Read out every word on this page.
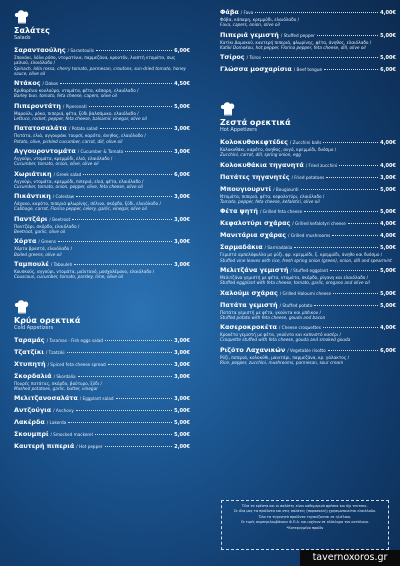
Σαλάτες
Salads
Σαρανταούλης / Sarantoulis	6,00€
Σπανάκι, λόλα ρόσο, ντοματίνια, παρμεζάνα, κρουτόν, λιαστή ντομάτα, σως μελιού, ελαιόλαδο /
Spinach, lolla rossa, cherry tomato, parmesan, croutons, sun-dried tomato, honey sauce, olive oil
Ντάκος / Dakos	4,50€
Κριθαρένιο κουλούρα, ντομάτα, φέτα, κάπαρη, ελαιόλαδο /
Barley bun, tomato, feta cheese, capers, olive oil
Πιπεροντάτη / Piperonati	5,00€
Μαρούλι, ρόκα, πιπεριά, φέτα, ξύδι βαλσάμικο, ελαιόλαδο /
Lettuce, rocket, pepper, feta cheese, balsamic vinegar, olive oil
Πατατοσαλάτα / Potato salad	3,00€
Πατάτα, ελιά, αγγουράκι τουρσί, καρότο, άνηθος, ελαιόλαδο /
Potato, olive, pickled cucumber, carrot, dill, olive oil
Αγγουροντομάτα / Cucumber & Tomato	3,00€
Αγγούρι, ντομάτα, κρεμμύδι, ελιά, ελαιόλαδο /
Cucumber, tomato, onion, olive, olive oil
Χωριάτικη / Greek salad	6,00€
Αγγούρι, ντομάτα, κρεμμύδι, πιπεριά, ελιά, φέτα, ελαιόλαδο /
Cucumber, tomato, onion, pepper, olive, feta cheese, olive oil
Πικάντικη / Coleslaw	3,00€
Λάχανο, καρότο, πιπεριά φλωρίνης, σέλινο, σκόρδο, ξύδι, ελαιόλαδο /
Cabbage, carrot, Florina pepper, celery, garlic, vinegar, olive oil
Παντζάρι / Beetroot	3,00€
Παντζάρι, σκόρδο, ελαιόλαδο /
Beetroot, garlic, olive oil
Χόρτα / Greens	3,00€
Χόρτα βραστά, ελαιόλαδο /
Boiled greens, olive oil
Ταμπουλέ / Tabouleh	3,00€
Κουσκούς, αγγούρι, ντομάτα, μαϊντανό, μοσχολέμονο, ελαιόλαδο /
Couscous, cucumber, tomato, parsley, lime, olive oil
Κρύα ορεκτικά
Cold Appetizers
Ταραμάς / Taramas - Fish eggs salad	3,00€
Τζατζίκι / Tzatziki	3,00€
Χτυπητή / Spiced feta cheese spread	3,00€
Σκορδαλιά / Skordalia	3,00€
Πουρές πατάτας, σκόρδο, βούτυρο, ξύδι /
Mashed potatoes, garlic, butter, vinegar
Μελιτζανοσαλάτα / Eggplant salad	3,00€
Αντζούγια / Anchovy	5,00€
Λακέρδα / Lakerda	5,00€
Σκουμπρί / Smocked mackerel	5,00€
Καυτερή πιπεριά / Hot pepper	2,00€
Φάβα / Fava	4,00€
Φάβα, κάπαρη, κρεμμύδι, ελαιόλαδο /
Fava, capers, onion, olive oil
Πιπεριά γεμιστή / Stuffed pepper	5,00€
Κατίκι Δομοκού, καυτερή πιπεριά, φλωρίνης, φέτα, άνηθος, ελαιόλαδο /
Katiki Domokou, hot pepper, Florina pepper, feta cheese, dill, olive oil
Τσίρος / Tsiros	5,00€
Γλώσσα μοσχαρίσια / Beef tongue	6,00€
Ζεστά ορεκτικά
Hot Appetizers
Κολοκυθοκεφτέδες / Zucchini balls	4,00€
Κολοκυθάκι, καρότο, άνηθος, αυγό, κρεμμύδι, δυόσμο /
Zucchini, carrot, dill, spring onion, egg
Κολοκυθάκια τηγανητά / Fried zucchini	4,00€
Πατάτες τηγανητές / Fried potatoes	3,00€
Μπουγιουρντί / Bougiourdi	5,00€
Ντομάτα, πιπεριά, φέτα, κεφαλοτύρι, ελαιόλαδο /
Tomato, pepper, feta cheese, kefalotiri, olive oil
Φέτα ψητή / Grilled feta cheese	5,00€
Κεφαλοτύρι σχάρας / Grilled kefalotyri cheese	4,00€
Μανιτάρια σχάρας / Grilled mushrooms	4,00€
Σαρμαδάκια / Sarmadakia	5,00€
Γεμιστά αμπελόφυλλα με ρύζι, φρ. κρεμμύδι, ξ. κρεμμύδι, άνηθο και δυόσμο /
Stuffed vine leaves with rice, fresh spring onion (green), onion, dill and spearmint
Μελιτζάνα γεμιστή / Stuffed eggplant	5,00€
Μελιτζάνα γεμιστή με φέτα, ντομάτα, σκόρδο, ρίγανη και ελαιόλαδο /
Stuffed eggplant with feta cheese, tomato, garlic, oregano and olive oil
Χαλούμι σχάρας / Grilled Haloumi cheese	5,00€
Πατάτα γεμιστή / Stuffed potato	5,00€
Πατάτα γεμιστή με φέτα, γκούντα και μπέικον /
Stuffed potato with feta cheese, gouda and bacon
Κασεροκροκέτα / Cheese croquettes	4,00€
Κροκέτα γεμιστή με φέτα, γκούντα και καπνιστό κασέρι /
Croquette stuffed with feta cheese, gouda and smoked gouda
Ριζότο Λαχανικών / Vegetable risotto	6,00€
Ρύζι, πιπεριά, κολοκύθι, μανιτάρι, παρμεζάνα, κρ. γάλακτος /
Rice, pepper, zucchini, mushrooms, parmesan, sour cream
Όλα τα κρέατα και οι σαλάτες είναι καθημερινά φρέσκα και όχι τεκτσας.
Σε όλα μας τα προϊόντα και στις σαλάτες (παρασκευή) χρησιμοποιείται ελαιόλαδο.
Όλα τα τηγανητά προϊόντα τηγανίζονται σε ηλιέλαιο.
Οι τιμές συμπεριλαμβάνουν Φ.Π.Α. και ισχύουν σε ολόκληρο τον κατάλογο.
*Κατεψυγμένο προϊόν
tavernoxoros.gr
